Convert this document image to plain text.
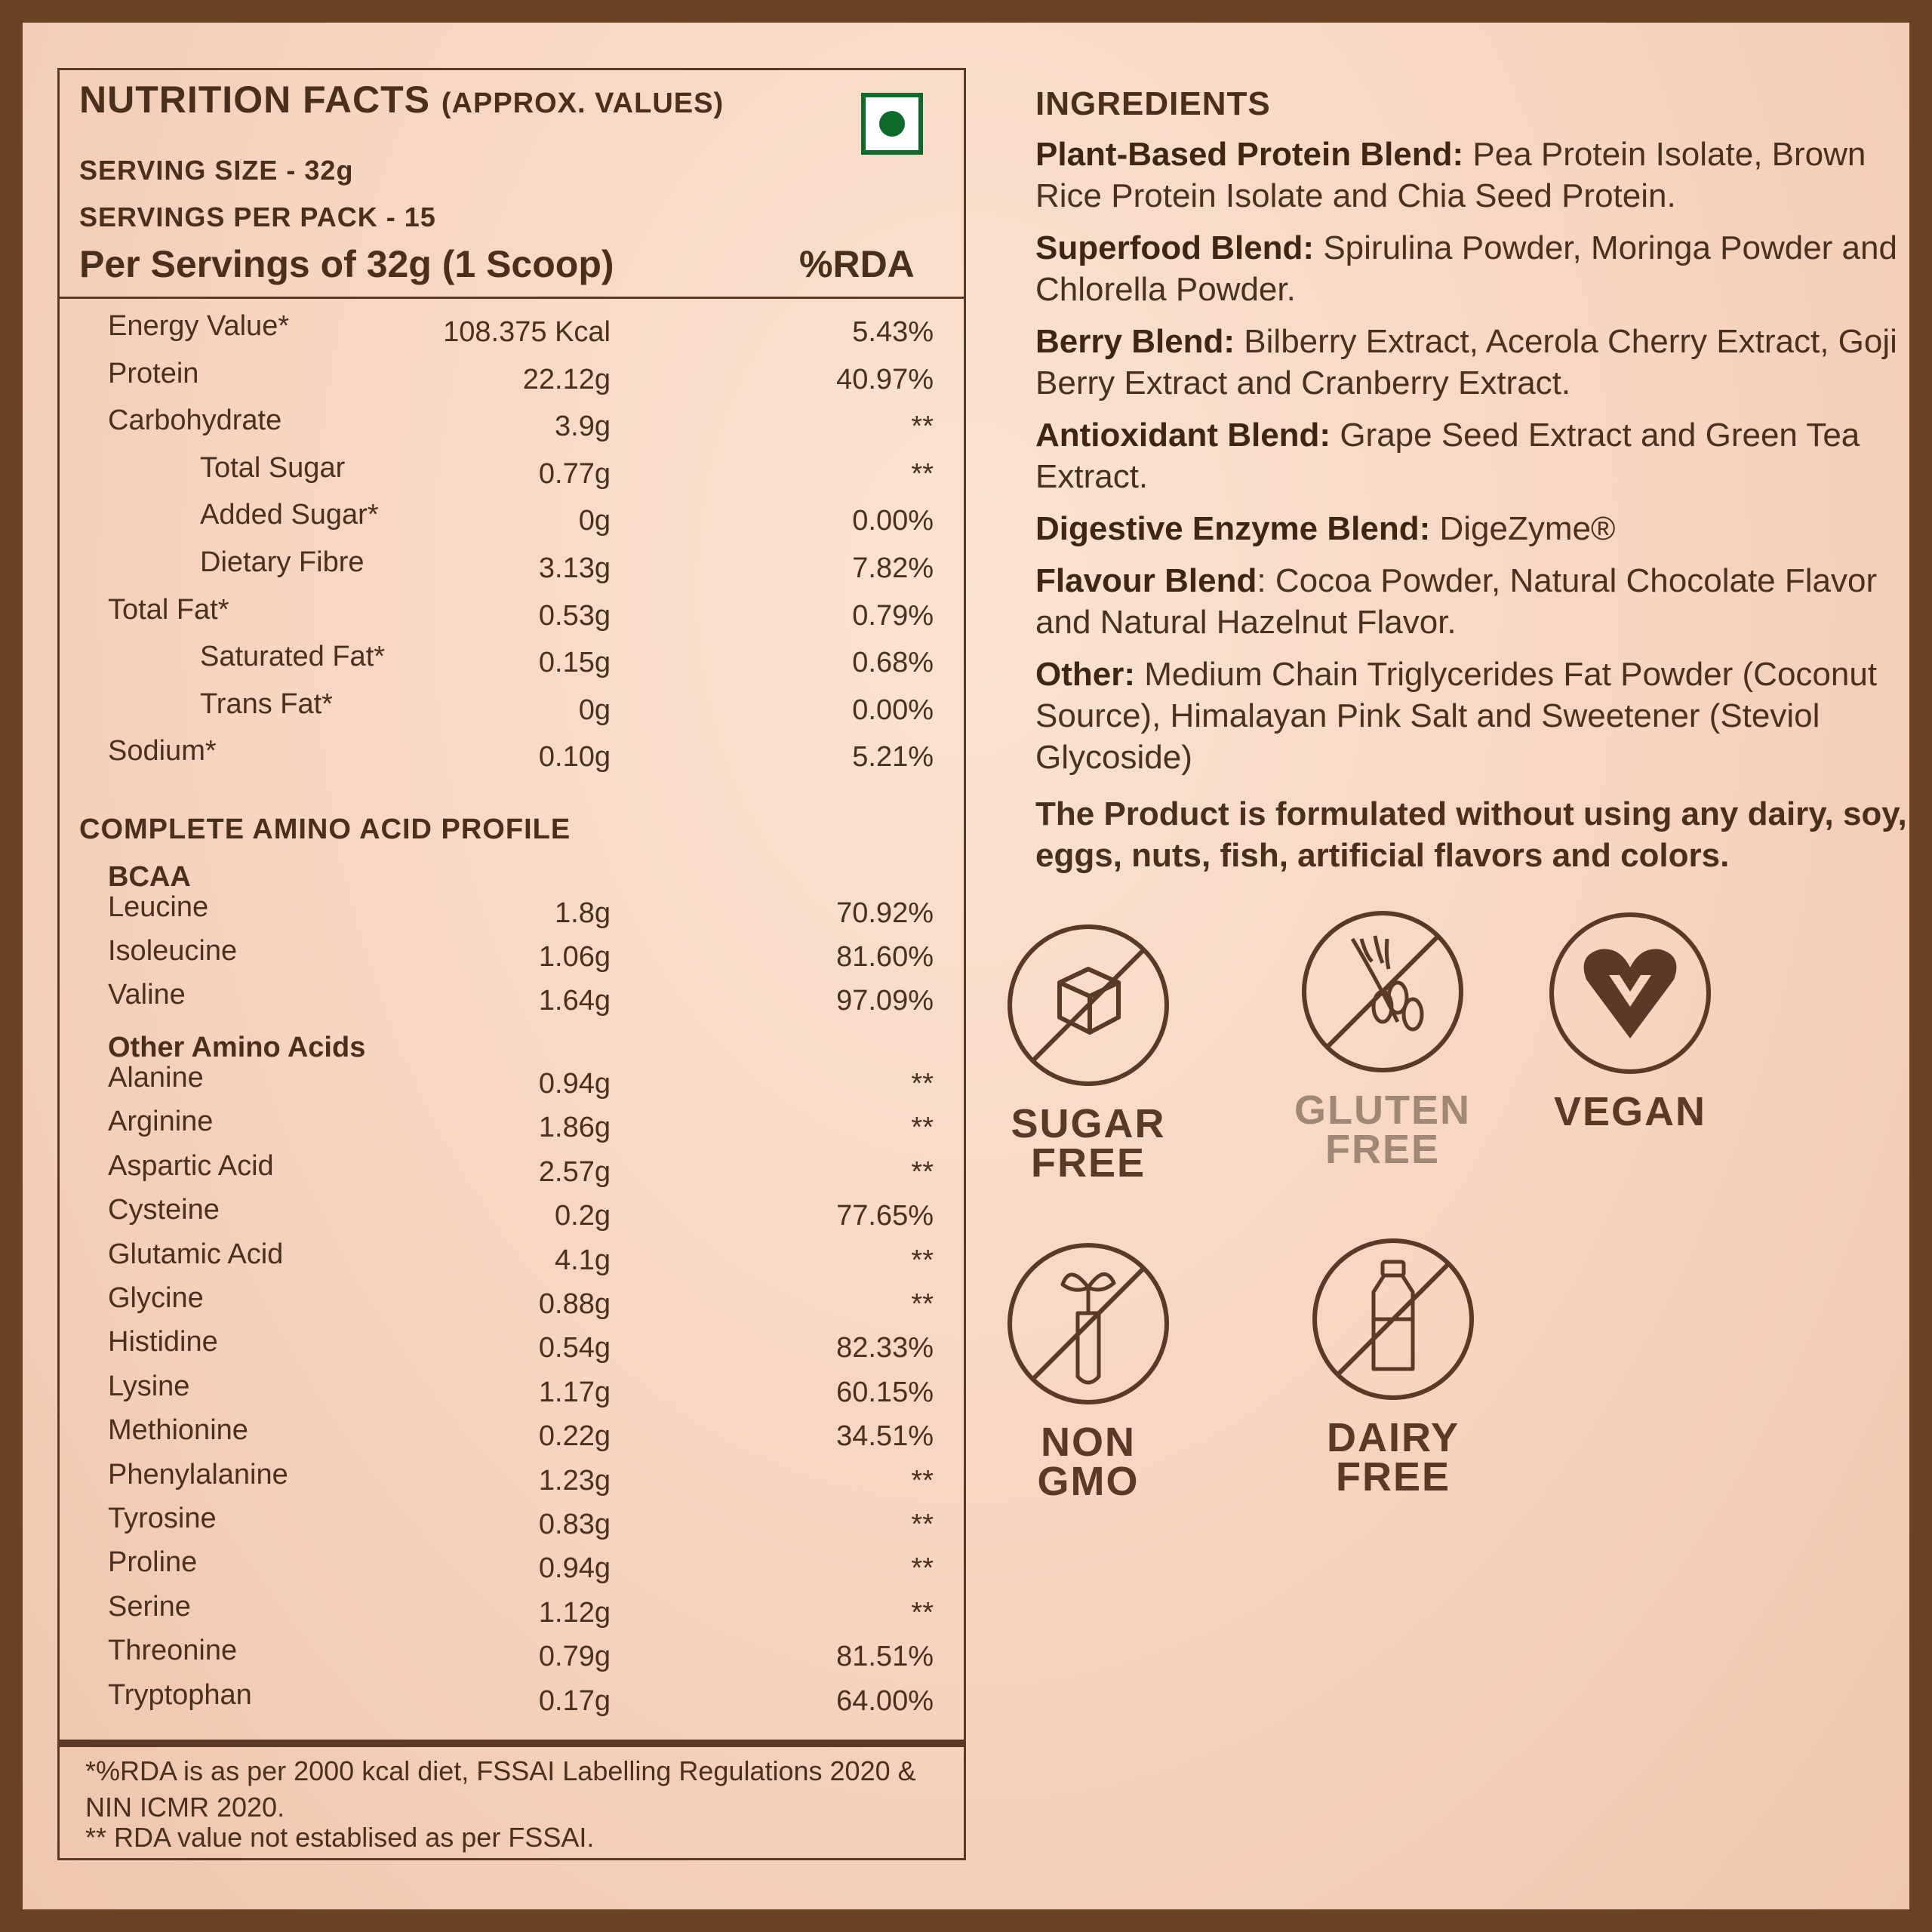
NUTRITION FACTS (APPROX. VALUES)
SERVING SIZE - 32g
SERVINGS PER PACK - 15
Per Servings of 32g (1 Scoop)	%RDA
Energy Value*	108.375 Kcal	5.43%
Protein	22.12g	40.97%
Carbohydrate	3.9g	**
Total Sugar	0.77g	**
Added Sugar*	0g	0.00%
Dietary Fibre	3.13g	7.82%
Total Fat*	0.53g	0.79%
Saturated Fat*	0.15g	0.68%
Trans Fat*	0g	0.00%
Sodium*	0.10g	5.21%
COMPLETE AMINO ACID PROFILE
BCAA
Leucine	1.8g	70.92%
Isoleucine	1.06g	81.60%
Valine	1.64g	97.09%
Other Amino Acids
Alanine	0.94g	**
Arginine	1.86g	**
Aspartic Acid	2.57g	**
Cysteine	0.2g	77.65%
Glutamic Acid	4.1g	**
Glycine	0.88g	**
Histidine	0.54g	82.33%
Lysine	1.17g	60.15%
Methionine	0.22g	34.51%
Phenylalanine	1.23g	**
Tyrosine	0.83g	**
Proline	0.94g	**
Serine	1.12g	**
Threonine	0.79g	81.51%
Tryptophan	0.17g	64.00%
*%RDA is as per 2000 kcal diet, FSSAI Labelling Regulations 2020 & NIN ICMR 2020.
** RDA value not establised as per FSSAI.
INGREDIENTS

Plant-Based Protein Blend: Pea Protein Isolate, Brown Rice Protein Isolate and Chia Seed Protein.

Superfood Blend: Spirulina Powder, Moringa Powder and Chlorella Powder.

Berry Blend: Bilberry Extract, Acerola Cherry Extract, Goji Berry Extract and Cranberry Extract.

Antioxidant Blend: Grape Seed Extract and Green Tea Extract.

Digestive Enzyme Blend: DigeZyme®

Flavour Blend: Cocoa Powder, Natural Chocolate Flavor and Natural Hazelnut Flavor.

Other: Medium Chain Triglycerides Fat Powder (Coconut Source), Himalayan Pink Salt and Sweetener (Steviol Glycoside)

The Product is formulated without using any dairy, soy, eggs, nuts, fish, artificial flavors and colors.

SUGAR
FREE
GLUTEN
FREE
VEGAN
NON
GMO
DAIRY
FREE
